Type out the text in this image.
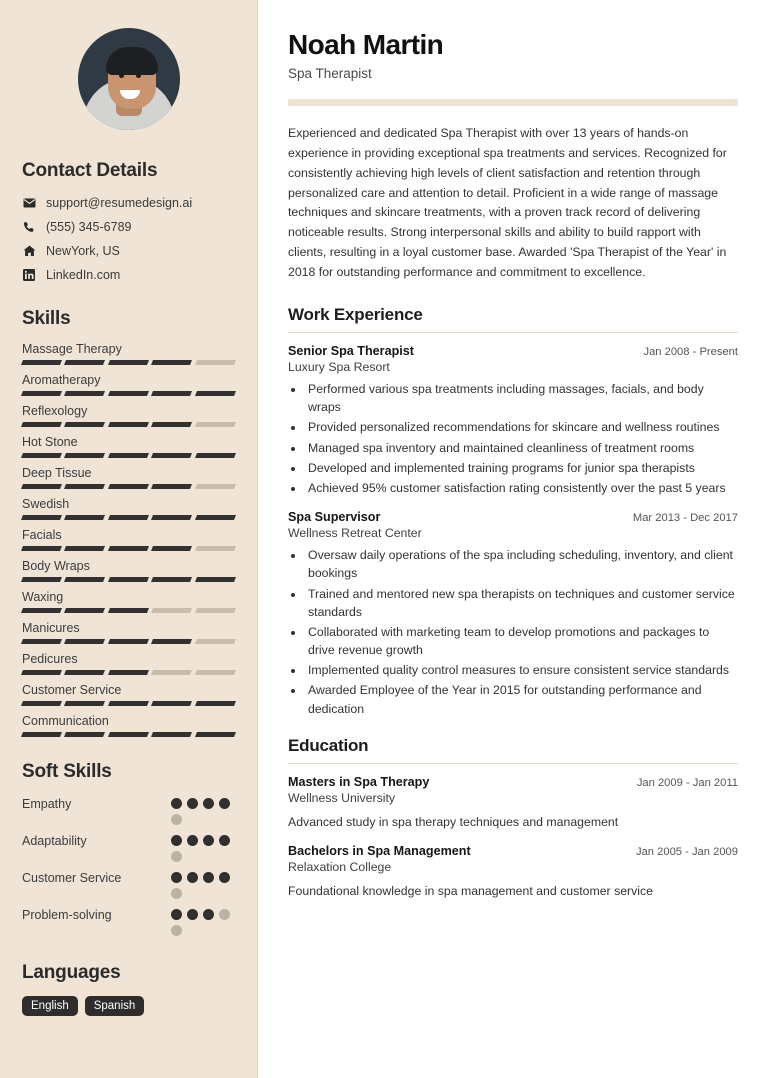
Contact Details
support@resumedesign.ai
(555) 345-6789
NewYork, US
LinkedIn.com
Skills
Massage Therapy
Aromatherapy
Reflexology
Hot Stone
Deep Tissue
Swedish
Facials
Body Wraps
Waxing
Manicures
Pedicures
Customer Service
Communication
Soft Skills
Empathy
Adaptability
Customer Service
Problem-solving
Languages
English	Spanish
Noah Martin
Spa Therapist

Experienced and dedicated Spa Therapist with over 13 years of hands-on experience in providing exceptional spa treatments and services. Recognized for consistently achieving high levels of client satisfaction and retention through personalized care and attention to detail. Proficient in a wide range of massage techniques and skincare treatments, with a proven track record of delivering noticeable results. Strong interpersonal skills and ability to build rapport with clients, resulting in a loyal customer base. Awarded 'Spa Therapist of the Year' in 2018 for outstanding performance and commitment to excellence.

Work Experience
Senior Spa Therapist	Jan 2008 - Present
Luxury Spa Resort
• Performed various spa treatments including massages, facials, and body wraps
• Provided personalized recommendations for skincare and wellness routines
• Managed spa inventory and maintained cleanliness of treatment rooms
• Developed and implemented training programs for junior spa therapists
• Achieved 95% customer satisfaction rating consistently over the past 5 years
Spa Supervisor	Mar 2013 - Dec 2017
Wellness Retreat Center
• Oversaw daily operations of the spa including scheduling, inventory, and client bookings
• Trained and mentored new spa therapists on techniques and customer service standards
• Collaborated with marketing team to develop promotions and packages to drive revenue growth
• Implemented quality control measures to ensure consistent service standards
• Awarded Employee of the Year in 2015 for outstanding performance and dedication
Education
Masters in Spa Therapy	Jan 2009 - Jan 2011
Wellness University
Advanced study in spa therapy techniques and management
Bachelors in Spa Management	Jan 2005 - Jan 2009
Relaxation College
Foundational knowledge in spa management and customer service
